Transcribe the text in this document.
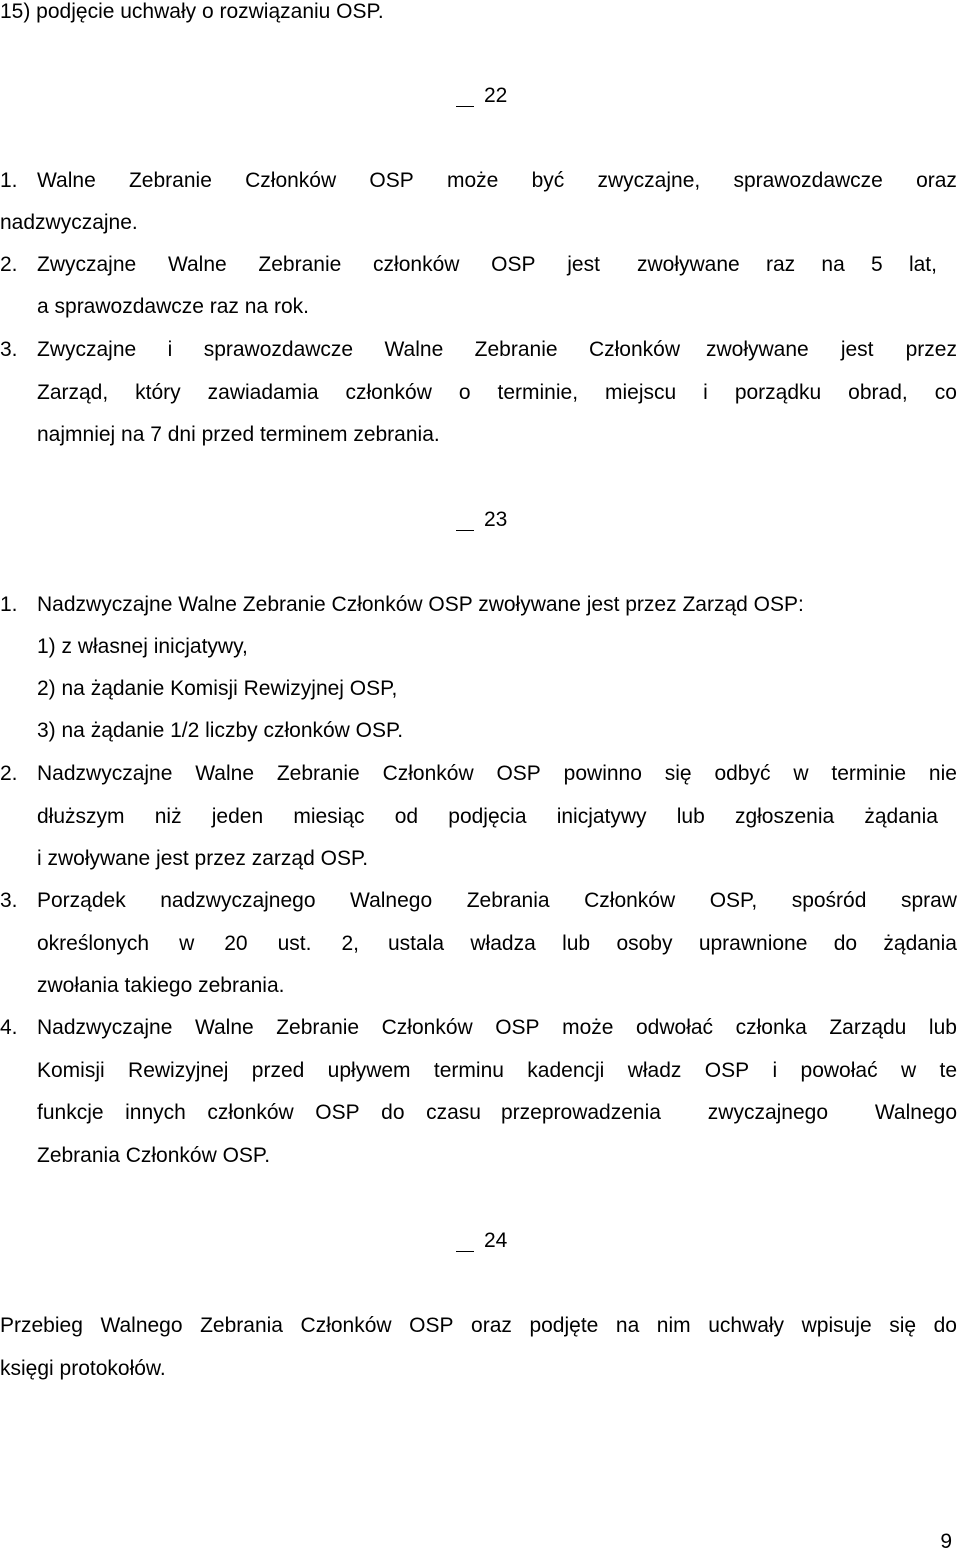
15) podjęcie uchwały o rozwiązaniu OSP.
22
1. Walne Zebranie Członków OSP może być zwyczajne, sprawozdawcze oraz
nadzwyczajne.
2. Zwyczajne Walne Zebranie członków OSP jest zwoływane raz na 5 lat,
a sprawozdawcze raz na rok.
3. Zwyczajne i sprawozdawcze Walne Zebranie Członków zwoływane jest przez
Zarząd, który zawiadamia członków o terminie, miejscu i porządku obrad, co
najmniej na 7 dni przed terminem zebrania.
23
1. Nadzwyczajne Walne Zebranie Członków OSP zwoływane jest przez Zarząd OSP:
1) z własnej inicjatywy,
2) na żądanie Komisji Rewizyjnej OSP,
3) na żądanie 1/2 liczby członków OSP.
2. Nadzwyczajne Walne Zebranie Członków OSP powinno się odbyć w terminie nie
dłuższym niż jeden miesiąc od podjęcia inicjatywy lub zgłoszenia żądania
i zwoływane jest przez zarząd OSP.
3. Porządek nadzwyczajnego Walnego Zebrania Członków OSP, spośród spraw
określonych w 20 ust. 2, ustala władza lub osoby uprawnione do żądania
zwołania takiego zebrania.
4. Nadzwyczajne Walne Zebranie Członków OSP może odwołać członka Zarządu lub
Komisji Rewizyjnej przed upływem terminu kadencji władz OSP i powołać w te
funkcje innych członków OSP do czasu przeprowadzenia zwyczajnego Walnego
Zebrania Członków OSP.
24
Przebieg Walnego Zebrania Członków OSP oraz podjęte na nim uchwały wpisuje się do
księgi protokołów.
9
